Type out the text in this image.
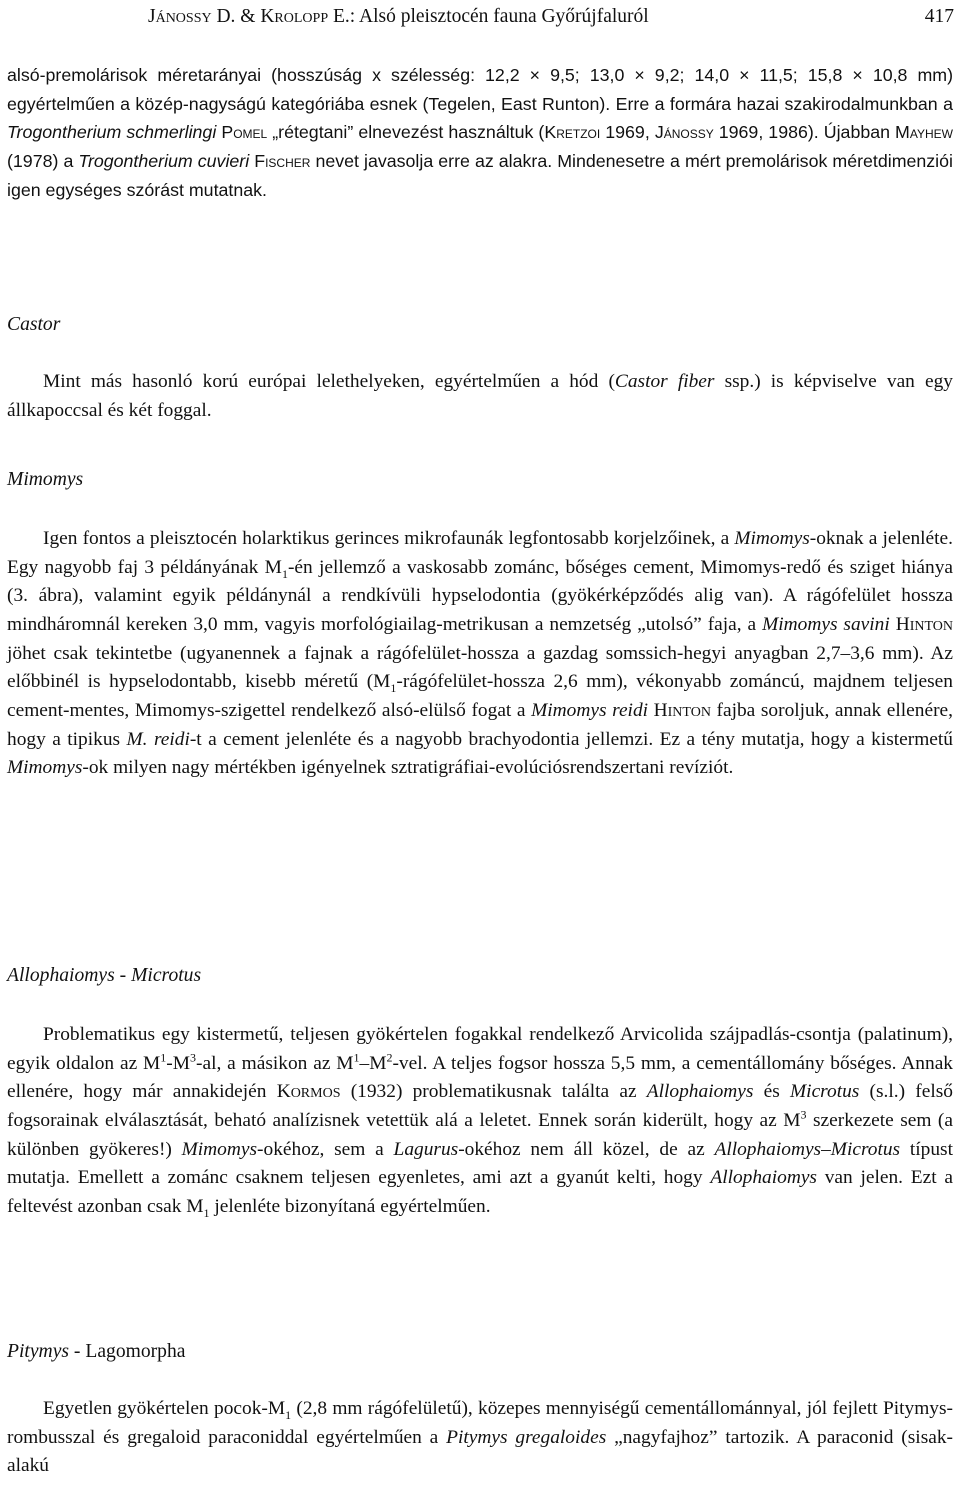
Jánossy D. & Krolopp E.: Alsó pleisztocén fauna Győrújfaluról	417
alsó-premolárisok méretarányai (hosszúság x szélesség: 12,2 × 9,5; 13,0 × 9,2; 14,0 × 11,5; 15,8 × 10,8 mm) egyértelműen a közép-nagyságú kategóriába esnek (Tegelen, East Runton). Erre a formára hazai szakirodalmunkban a Trogontherium schmerlingi Pomel „rétegtani” elnevezést használtuk (Kretzoi 1969, Jánossy 1969, 1986). Újabban Mayhew (1978) a Trogontherium cuvieri Fischer nevet javasolja erre az alakra. Mindenesetre a mért premolárisok méretdimenziói igen egységes szórást mutatnak.
Castor
Mint más hasonló korú európai lelethelyeken, egyértelműen a hód (Castor fiber ssp.) is képviselve van egy állkapoccsal és két foggal.
Mimomys
Igen fontos a pleisztocén holarktikus gerinces mikrofaunák legfontosabb korjelzőinek, a Mimomys-oknak a jelenléte. Egy nagyobb faj 3 példányának $M_1-én$ jellemző a vaskosabb zománc, bőséges cement, Mimomys-redő és sziget hiánya (3. ábra), valamint egyik példánynál a rendkívüli hypselodontia (gyökérképződés alig van). A rágófelület hossza mindháromnál kereken 3,0 mm, vagyis morfológiailag-metrikusan a nemzetség „utolsó” faja, a Mimomys savini Hinton jöhet csak tekintetbe (ugyanennek a fajnak a rágófelület-hossza a gazdag somssich-hegyi anyagban 2,7–3,6 mm). Az előbbinél is hypselodontabb, kisebb méretű ($M_1-rágófelület$-hossza 2,6 mm), vékonyabb zománcú, majdnem teljesen cement-mentes, Mimomys-szigettel rendelkező alsó-elülső fogat a Mimomys reidi Hinton fajba soroljuk, annak ellenére, hogy a tipikus M. reidi-t a cement jelenléte és a nagyobb brachyodontia jellemzi. Ez a tény mutatja, hogy a kistermetű Mimomys-ok milyen nagy mértékben igényelnek sztratigráfiai-evolúciósrendszertani revíziót.
Allophaiomys - Microtus
Problematikus egy kistermetű, teljesen gyökértelen fogakkal rendelkező Arvicolida szájpadlás-csontja (palatinum), egyik oldalon az $M^1-M^3-al$, a másikon az $M^1-M^2$-vel. A teljes fogsor hossza 5,5 mm, a cementállomány bőséges. Annak ellenére, hogy már annakidején Kormos (1932) problematikusnak találta az Allophaiomys és Microtus (s.l.) felső fogsorainak elválasztását, beható analízisnek vetettük alá a leletet. Ennek során kiderült, hogy az $M^3$ szerkezete sem (a különben gyökeres!) Mimomys-okéhoz, sem a Lagurus-okéhoz nem áll közel, de az Allophaiomys–Microtus típust mutatja. Emellett a zománc csaknem teljesen egyenletes, ami azt a gyanút kelti, hogy Allophaiomys van jelen. Ezt a feltevést azonban csak $M_1$ jelenléte bizonyítaná egyértelműen.
Pitymys - Lagomorpha
Egyetlen gyökértelen pocok-$M_1$ (2,8 mm rágófelületű), közepes mennyiségű cementállománnyal, jól fejlett Pitymys-rombusszal és gregaloid paraconiddal egyértelműen a Pitymys gregaloides „nagyfajhoz” tartozik. A paraconid (sisak-alakú
